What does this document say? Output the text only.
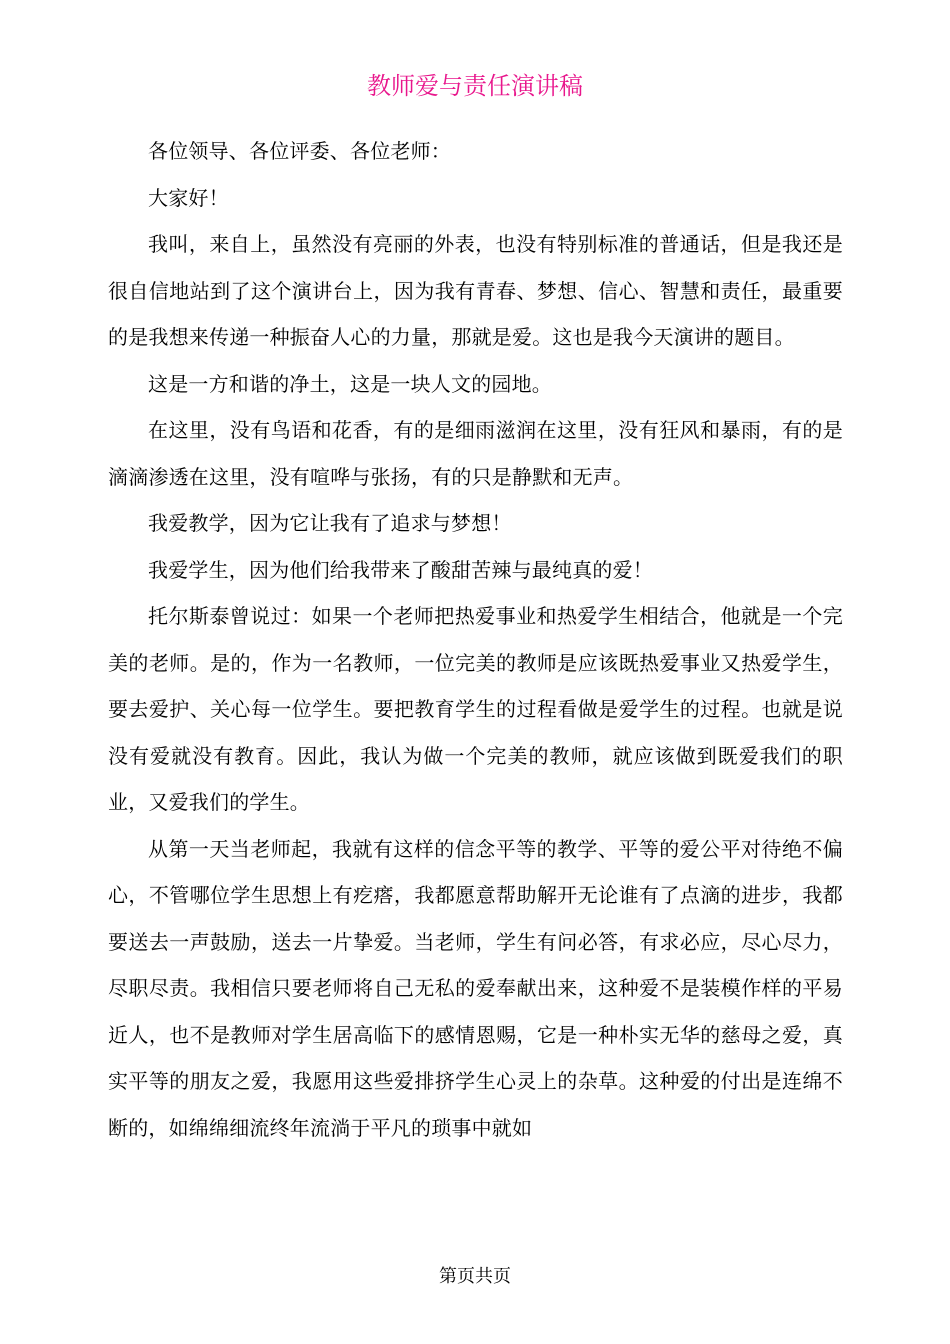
教师爱与责任演讲稿

各位领导、各位评委、各位老师：

大家好！

我叫，来自上，虽然没有亮丽的外表，也没有特别标准的普通话，但是我还是很自信地站到了这个演讲台上，因为我有青春、梦想、信心、智慧和责任，最重要的是我想来传递一种振奋人心的力量，那就是爱。这也是我今天演讲的题目。

这是一方和谐的净土，这是一块人文的园地。

在这里，没有鸟语和花香，有的是细雨滋润在这里，没有狂风和暴雨，有的是滴滴渗透在这里，没有喧哗与张扬，有的只是静默和无声。

我爱教学，因为它让我有了追求与梦想！

我爱学生，因为他们给我带来了酸甜苦辣与最纯真的爱！

托尔斯泰曾说过：如果一个老师把热爱事业和热爱学生相结合，他就是一个完美的老师。是的，作为一名教师，一位完美的教师是应该既热爱事业又热爱学生，要去爱护、关心每一位学生。要把教育学生的过程看做是爱学生的过程。也就是说没有爱就没有教育。因此，我认为做一个完美的教师，就应该做到既爱我们的职业，又爱我们的学生。

从第一天当老师起，我就有这样的信念平等的教学、平等的爱公平对待绝不偏心，不管哪位学生思想上有疙瘩，我都愿意帮助解开无论谁有了点滴的进步，我都要送去一声鼓励，送去一片挚爱。当老师，学生有问必答，有求必应，尽心尽力，尽职尽责。我相信只要老师将自己无私的爱奉献出来，这种爱不是装模作样的平易近人，也不是教师对学生居高临下的感情恩赐，它是一种朴实无华的慈母之爱，真实平等的朋友之爱，我愿用这些爱排挤学生心灵上的杂草。这种爱的付出是连绵不断的，如绵绵细流终年流淌于平凡的琐事中就如

第页共页
